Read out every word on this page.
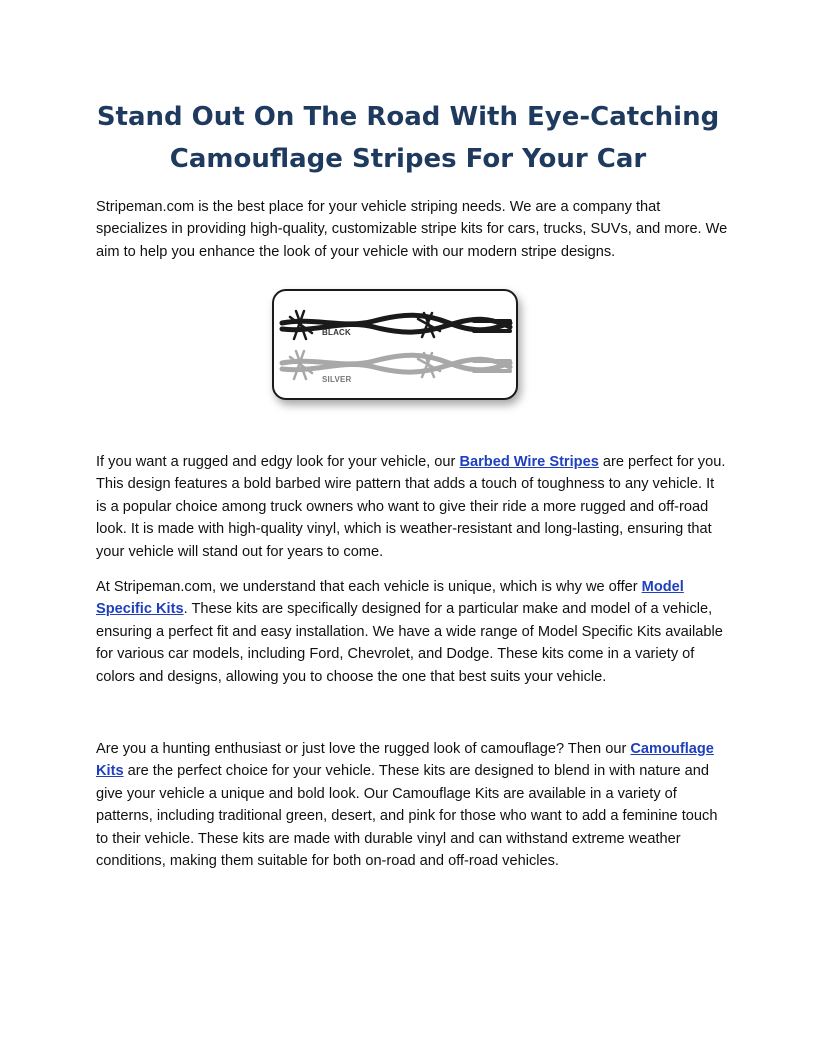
Stand Out On The Road With Eye-Catching Camouflage Stripes For Your Car

Stripeman.com is the best place for your vehicle striping needs. We are a company that specializes in providing high-quality, customizable stripe kits for cars, trucks, SUVs, and more. We aim to help you enhance the look of your vehicle with our modern stripe designs.

BLACK
SILVER

If you want a rugged and edgy look for your vehicle, our Barbed Wire Stripes are perfect for you. This design features a bold barbed wire pattern that adds a touch of toughness to any vehicle. It is a popular choice among truck owners who want to give their ride a more rugged and off-road look. It is made with high-quality vinyl, which is weather-resistant and long-lasting, ensuring that your vehicle will stand out for years to come.

At Stripeman.com, we understand that each vehicle is unique, which is why we offer Model Specific Kits. These kits are specifically designed for a particular make and model of a vehicle, ensuring a perfect fit and easy installation. We have a wide range of Model Specific Kits available for various car models, including Ford, Chevrolet, and Dodge. These kits come in a variety of colors and designs, allowing you to choose the one that best suits your vehicle.

Are you a hunting enthusiast or just love the rugged look of camouflage? Then our Camouflage Kits are the perfect choice for your vehicle. These kits are designed to blend in with nature and give your vehicle a unique and bold look. Our Camouflage Kits are available in a variety of patterns, including traditional green, desert, and pink for those who want to add a feminine touch to their vehicle. These kits are made with durable vinyl and can withstand extreme weather conditions, making them suitable for both on-road and off-road vehicles.
